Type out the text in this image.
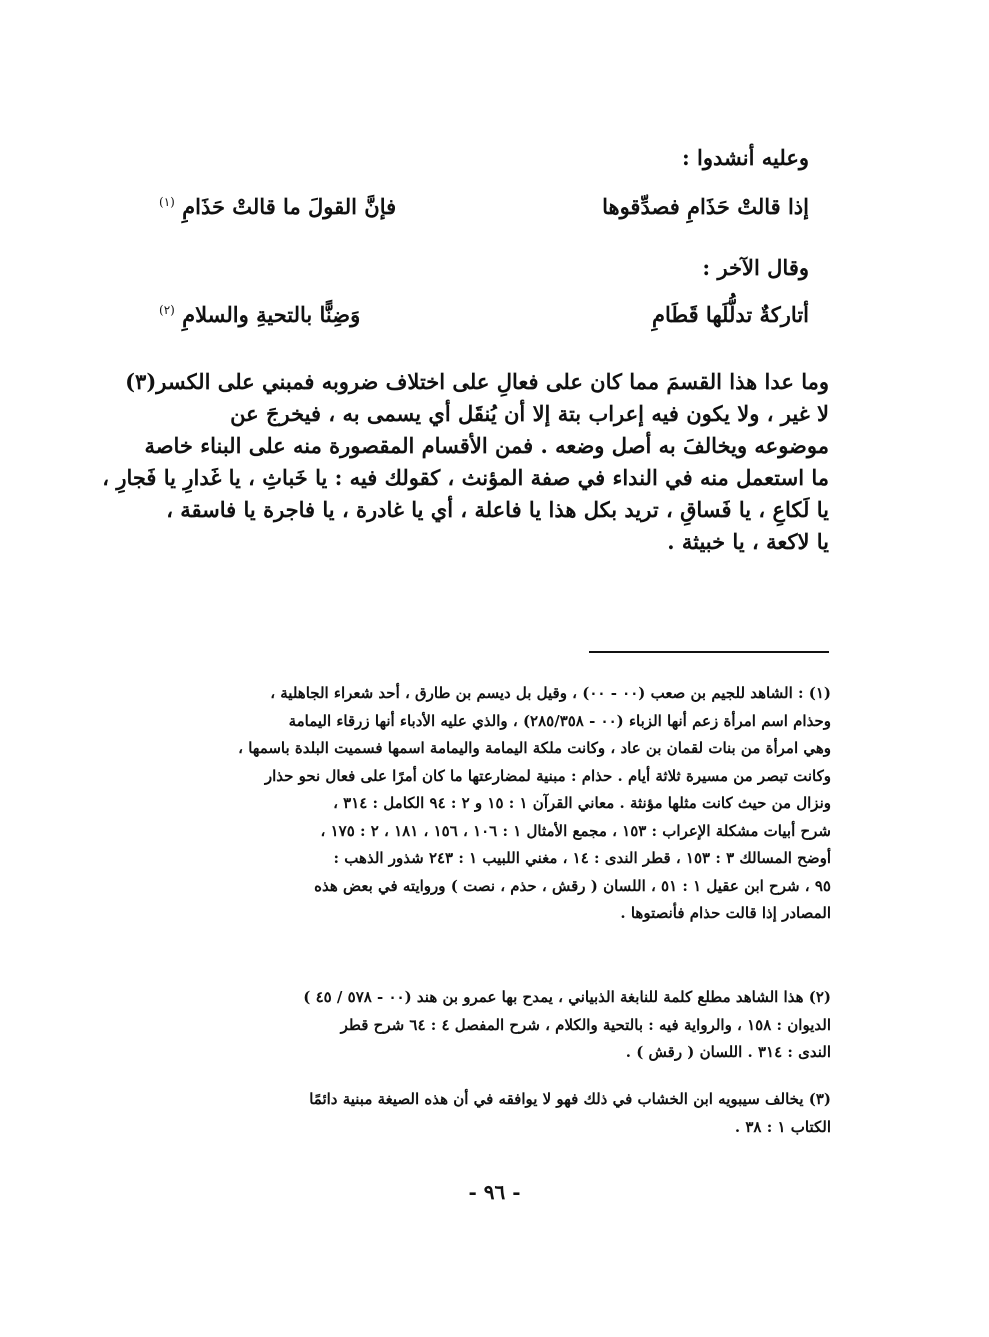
وعليه أنشدوا :
إذا قالتْ حَذَامِ فصدِّقوها
فإنَّ القولَ ما قالتْ حَذَامِ $^{(١)}$
وقال الآخر :
أتاركةٌ تدلُّلَها قَطَامِ
وَضِنًّا بالتحيةِ والسلامِ $^{(٢)}$
وما عدا هذا القسمَ مما كان على فعالِ على اختلاف ضروبه فمبني على الكسر(٣)
لا غير ، ولا يكون فيه إعراب بتة إلا أن يُنقَل أي يسمى به ، فيخرجَ عن
موضوعه ويخالفَ به أصل وضعه . فمن الأقسام المقصورة منه على البناء خاصة
ما استعمل منه في النداء في صفة المؤنث ، كقولك فيه : يا خَباثِ ، يا غَدارِ يا فَجارِ ،
يا لَكاعِ ، يا فَساقِ ، تريد بكل هذا يا فاعلة ، أي يا غادرة ، يا فاجرة يا فاسقة ،
يا لاكعة ، يا خبيثة .
(١) : الشاهد للجيم بن صعب (٠٠ - ٠٠) ، وقيل بل ديسم بن طارق ، أحد شعراء الجاهلية ،
وحذام اسم امرأة زعم أنها الزباء (٠٠ - ٢٨٥/٣٥٨) ، والذي عليه الأدباء أنها زرقاء اليمامة
وهي امرأة من بنات لقمان بن عاد ، وكانت ملكة اليمامة واليمامة اسمها فسميت البلدة باسمها ،
وكانت تبصر من مسيرة ثلاثة أيام . حذام : مبنية لمضارعتها ما كان أمرًا على فعال نحو حذار
ونزال من حيث كانت مثلها مؤنثة . معاني القرآن ١ : ١٥ و ٢ : ٩٤ الكامل : ٣١٤ ،
شرح أبيات مشكلة الإعراب : ١٥٣ ، مجمع الأمثال ١ : ١٠٦ ، ١٥٦ ، ١٨١ ، ٢ : ١٧٥ ،
أوضح المسالك ٣ : ١٥٣ ، قطر الندى : ١٤ ، مغني اللبيب ١ : ٢٤٣ شذور الذهب :
٩٥ ، شرح ابن عقيل ١ : ٥١ ، اللسان ( رقش ، حذم ، نصت ) وروايته في بعض هذه
المصادر إذا قالت حذام فأنصتوها .
(٢) هذا الشاهد مطلع كلمة للنابغة الذبياني ، يمدح بها عمرو بن هند (٠٠ - ٥٧٨ / ٤٥ )
الديوان : ١٥٨ ، والرواية فيه : بالتحية والكلام ، شرح المفصل ٤ : ٦٤ شرح قطر
الندى : ٣١٤ . اللسان ( رقش ) .
(٣) يخالف سيبويه ابن الخشاب في ذلك فهو لا يوافقه في أن هذه الصيغة مبنية دائمًا
الكتاب ١ : ٣٨ .
- ٩٦ -
